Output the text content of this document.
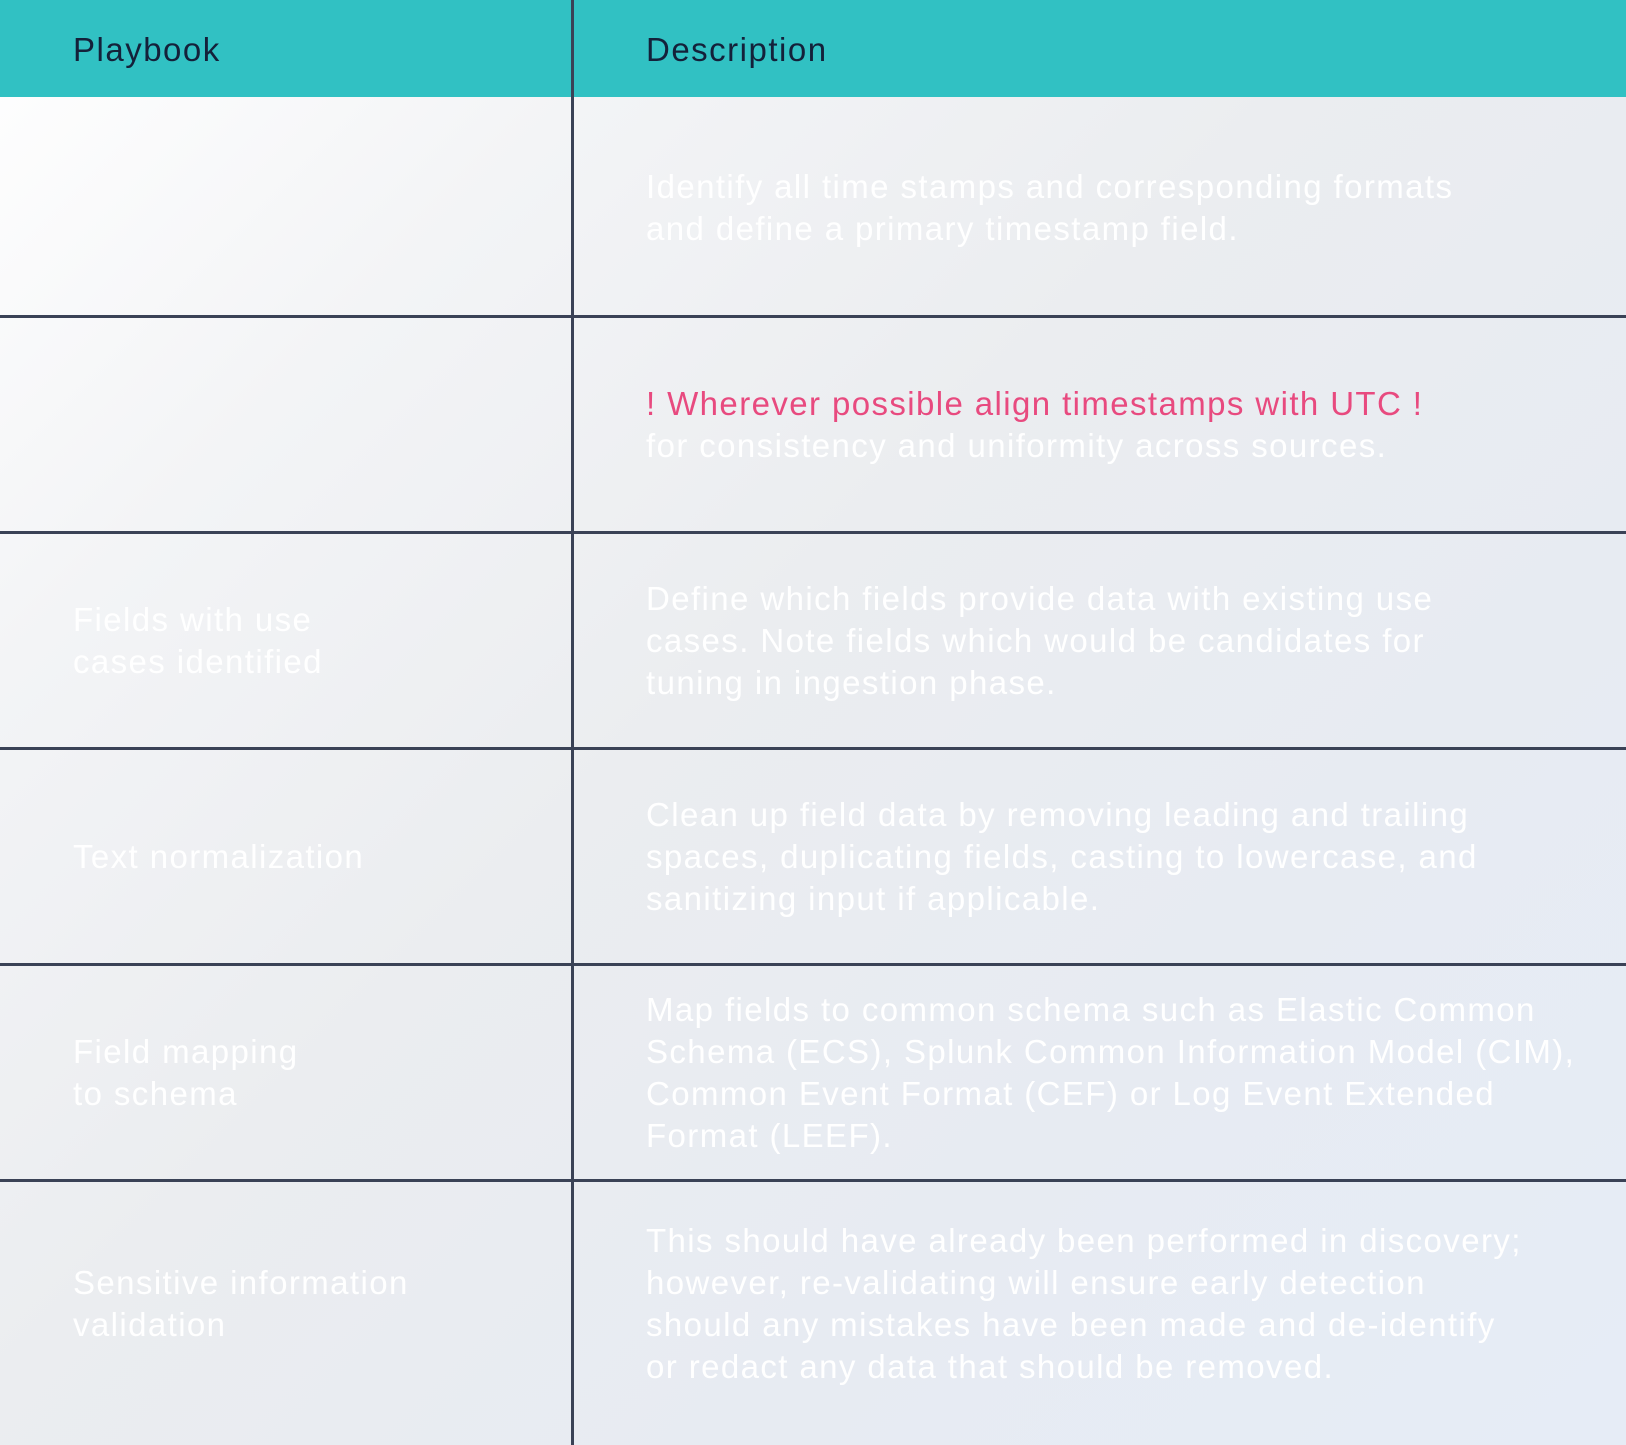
Playbook	Description
Identify all time stamps and corresponding formats
and define a primary timestamp field.
! Wherever possible align timestamps with UTC !
for consistency and uniformity across sources.
Fields with use
cases identified
Define which fields provide data with existing use
cases. Note fields which would be candidates for
tuning in ingestion phase.
Text normalization
Clean up field data by removing leading and trailing
spaces, duplicating fields, casting to lowercase, and
sanitizing input if applicable.
Field mapping
to schema
Map fields to common schema such as Elastic Common
Schema (ECS), Splunk Common Information Model (CIM),
Common Event Format (CEF) or Log Event Extended
Format (LEEF).
Sensitive information
validation
This should have already been performed in discovery;
however, re-validating will ensure early detection
should any mistakes have been made and de-identify
or redact any data that should be removed.
